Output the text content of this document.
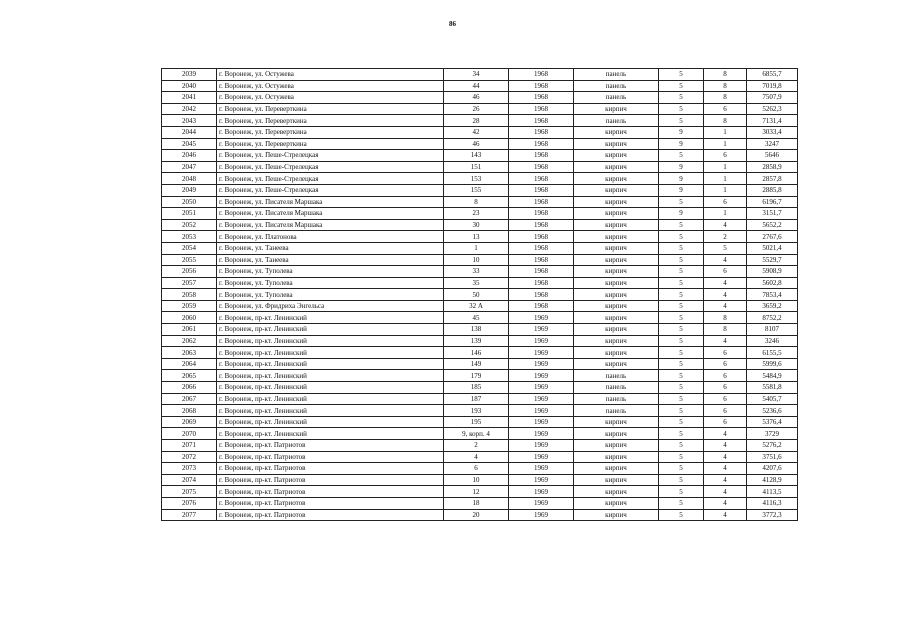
86
2039	г. Воронеж, ул. Остужева	34	1968	панель	5	8	6855,7
2040	г. Воронеж, ул. Остужева	44	1968	панель	5	8	7019,8
2041	г. Воронеж, ул. Остужева	46	1968	панель	5	8	7507,9
2042	г. Воронеж, ул. Переверткина	26	1968	кирпич	5	6	5262,3
2043	г. Воронеж, ул. Переверткина	28	1968	панель	5	8	7131,4
2044	г. Воронеж, ул. Переверткина	42	1968	кирпич	9	1	3033,4
2045	г. Воронеж, ул. Переверткина	46	1968	кирпич	9	1	3247
2046	г. Воронеж, ул. Пеше-Стрелецкая	143	1968	кирпич	5	6	5646
2047	г. Воронеж, ул. Пеше-Стрелецкая	151	1968	кирпич	9	1	2858,9
2048	г. Воронеж, ул. Пеше-Стрелецкая	153	1968	кирпич	9	1	2857,8
2049	г. Воронеж, ул. Пеше-Стрелецкая	155	1968	кирпич	9	1	2885,8
2050	г. Воронеж, ул. Писателя Маршака	8	1968	кирпич	5	6	6196,7
2051	г. Воронеж, ул. Писателя Маршака	23	1968	кирпич	9	1	3151,7
2052	г. Воронеж, ул. Писателя Маршака	30	1968	кирпич	5	4	5652,2
2053	г. Воронеж, ул. Платонова	13	1968	кирпич	5	2	2767,6
2054	г. Воронеж, ул. Танеева	1	1968	кирпич	5	5	5021,4
2055	г. Воронеж, ул. Танеева	10	1968	кирпич	5	4	5529,7
2056	г. Воронеж, ул. Туполева	33	1968	кирпич	5	6	5908,9
2057	г. Воронеж, ул. Туполева	35	1968	кирпич	5	4	5602,8
2058	г. Воронеж, ул. Туполева	50	1968	кирпич	5	4	7853,4
2059	г. Воронеж, ул. Фридриха Энгельса	32 А	1968	кирпич	5	4	3659,2
2060	г. Воронеж, пр-кт. Ленинский	45	1969	кирпич	5	8	8752,2
2061	г. Воронеж, пр-кт. Ленинский	138	1969	кирпич	5	8	8107
2062	г. Воронеж, пр-кт. Ленинский	139	1969	кирпич	5	4	3246
2063	г. Воронеж, пр-кт. Ленинский	146	1969	кирпич	5	6	6155,5
2064	г. Воронеж, пр-кт. Ленинский	149	1969	кирпич	5	6	5999,6
2065	г. Воронеж, пр-кт. Ленинский	179	1969	панель	5	6	5484,9
2066	г. Воронеж, пр-кт. Ленинский	185	1969	панель	5	6	5581,8
2067	г. Воронеж, пр-кт. Ленинский	187	1969	панель	5	6	5405,7
2068	г. Воронеж, пр-кт. Ленинский	193	1969	панель	5	6	5236,6
2069	г. Воронеж, пр-кт. Ленинский	195	1969	кирпич	5	6	5376,4
2070	г. Воронеж, пр-кт. Ленинский	9, корп. 4	1969	кирпич	5	4	3729
2071	г. Воронеж, пр-кт. Патриотов	2	1969	кирпич	5	4	5276,2
2072	г. Воронеж, пр-кт. Патриотов	4	1969	кирпич	5	4	3751,6
2073	г. Воронеж, пр-кт. Патриотов	6	1969	кирпич	5	4	4207,6
2074	г. Воронеж, пр-кт. Патриотов	10	1969	кирпич	5	4	4128,9
2075	г. Воронеж, пр-кт. Патриотов	12	1969	кирпич	5	4	4113,5
2076	г. Воронеж, пр-кт. Патриотов	18	1969	кирпич	5	4	4116,3
2077	г. Воронеж, пр-кт. Патриотов	20	1969	кирпич	5	4	3772,3
